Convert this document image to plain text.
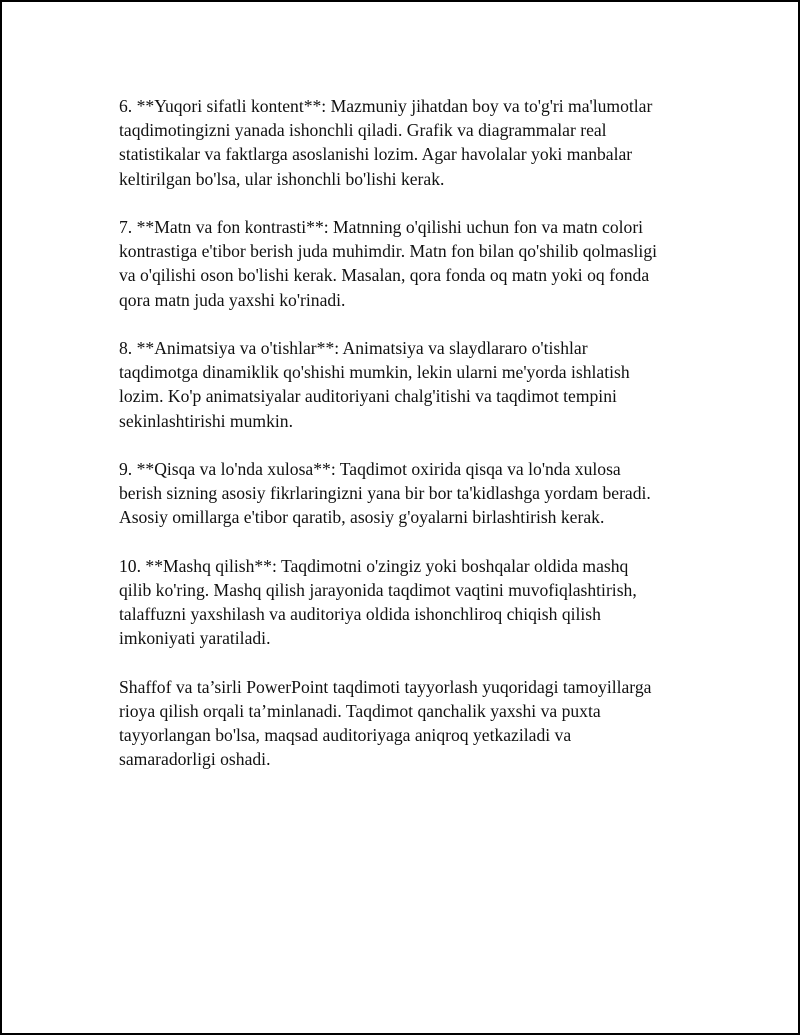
6. **Yuqori sifatli kontent**: Mazmuniy jihatdan boy va to'g'ri ma'lumotlar
taqdimotingizni yanada ishonchli qiladi. Grafik va diagrammalar real
statistikalar va faktlarga asoslanishi lozim. Agar havolalar yoki manbalar
keltirilgan bo'lsa, ular ishonchli bo'lishi kerak.

7. **Matn va fon kontrasti**: Matnning o'qilishi uchun fon va matn colori
kontrastiga e'tibor berish juda muhimdir. Matn fon bilan qo'shilib qolmasligi
va o'qilishi oson bo'lishi kerak. Masalan, qora fonda oq matn yoki oq fonda
qora matn juda yaxshi ko'rinadi.

8. **Animatsiya va o'tishlar**: Animatsiya va slaydlararo o'tishlar
taqdimotga dinamiklik qo'shishi mumkin, lekin ularni me'yorda ishlatish
lozim. Ko'p animatsiyalar auditoriyani chalg'itishi va taqdimot tempini
sekinlashtirishi mumkin.

9. **Qisqa va lo'nda xulosa**: Taqdimot oxirida qisqa va lo'nda xulosa
berish sizning asosiy fikrlaringizni yana bir bor ta'kidlashga yordam beradi.
Asosiy omillarga e'tibor qaratib, asosiy g'oyalarni birlashtirish kerak.

10. **Mashq qilish**: Taqdimotni o'zingiz yoki boshqalar oldida mashq
qilib ko'ring. Mashq qilish jarayonida taqdimot vaqtini muvofiqlashtirish,
talaffuzni yaxshilash va auditoriya oldida ishonchliroq chiqish qilish
imkoniyati yaratiladi.

Shaffof va ta’sirli PowerPoint taqdimoti tayyorlash yuqoridagi tamoyillarga
rioya qilish orqali ta’minlanadi. Taqdimot qanchalik yaxshi va puxta
tayyorlangan bo'lsa, maqsad auditoriyaga aniqroq yetkaziladi va
samaradorligi oshadi.
